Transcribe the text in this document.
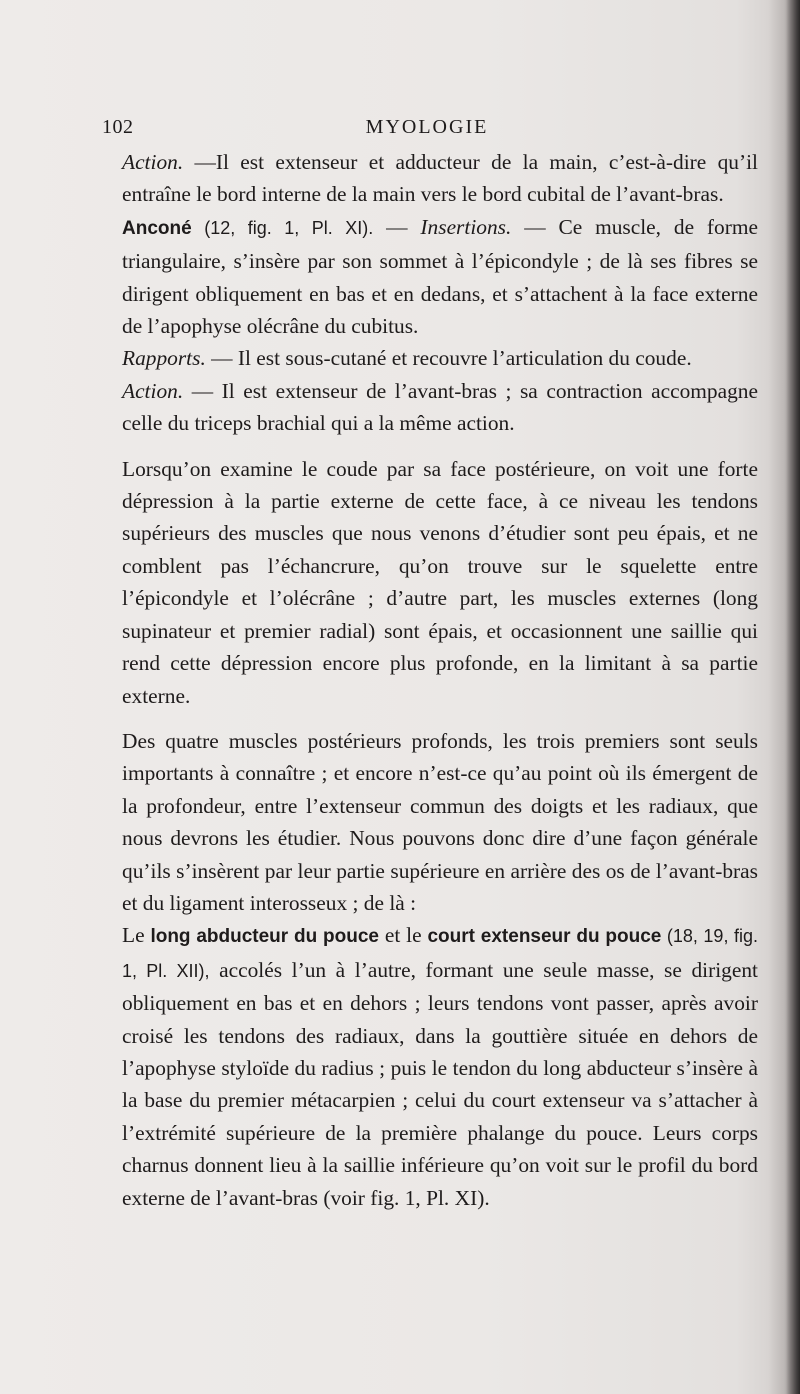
102	MYOLOGIE

Action. —Il est extenseur et adducteur de la main, c’est-à-dire qu’il entraîne le bord interne de la main vers le bord cubital de l’avant-bras.

Anconé (12, fig. 1, Pl. XI). — Insertions. — Ce muscle, de forme triangulaire, s’insère par son sommet à l’épicondyle ; de là ses fibres se dirigent obliquement en bas et en dedans, et s’attachent à la face externe de l’apophyse olécrâne du cubitus.

Rapports. — Il est sous-cutané et recouvre l’articulation du coude.

Action. — Il est extenseur de l’avant-bras ; sa contraction accompagne celle du triceps brachial qui a la même action.

Lorsqu’on examine le coude par sa face postérieure, on voit une forte dépression à la partie externe de cette face, à ce niveau les tendons supérieurs des muscles que nous venons d’étudier sont peu épais, et ne comblent pas l’échancrure, qu’on trouve sur le squelette entre l’épicondyle et l’olécrâne ; d’autre part, les muscles externes (long supinateur et premier radial) sont épais, et occasionnent une saillie qui rend cette dépression encore plus profonde, en la limitant à sa partie externe.

Des quatre muscles postérieurs profonds, les trois premiers sont seuls importants à connaître ; et encore n’est-ce qu’au point où ils émergent de la profondeur, entre l’extenseur commun des doigts et les radiaux, que nous devrons les étudier. Nous pouvons donc dire d’une façon générale qu’ils s’insèrent par leur partie supérieure en arrière des os de l’avant-bras et du ligament interosseux ; de là :

Le long abducteur du pouce et le court extenseur du pouce (18, 19, fig. 1, Pl. XII), accolés l’un à l’autre, formant une seule masse, se dirigent obliquement en bas et en dehors ; leurs tendons vont passer, après avoir croisé les tendons des radiaux, dans la gouttière située en dehors de l’apophyse styloïde du radius ; puis le tendon du long abducteur s’insère à la base du premier métacarpien ; celui du court extenseur va s’attacher à l’extrémité supérieure de la première phalange du pouce. Leurs corps charnus donnent lieu à la saillie inférieure qu’on voit sur le profil du bord externe de l’avant-bras (voir fig. 1, Pl. XI).
